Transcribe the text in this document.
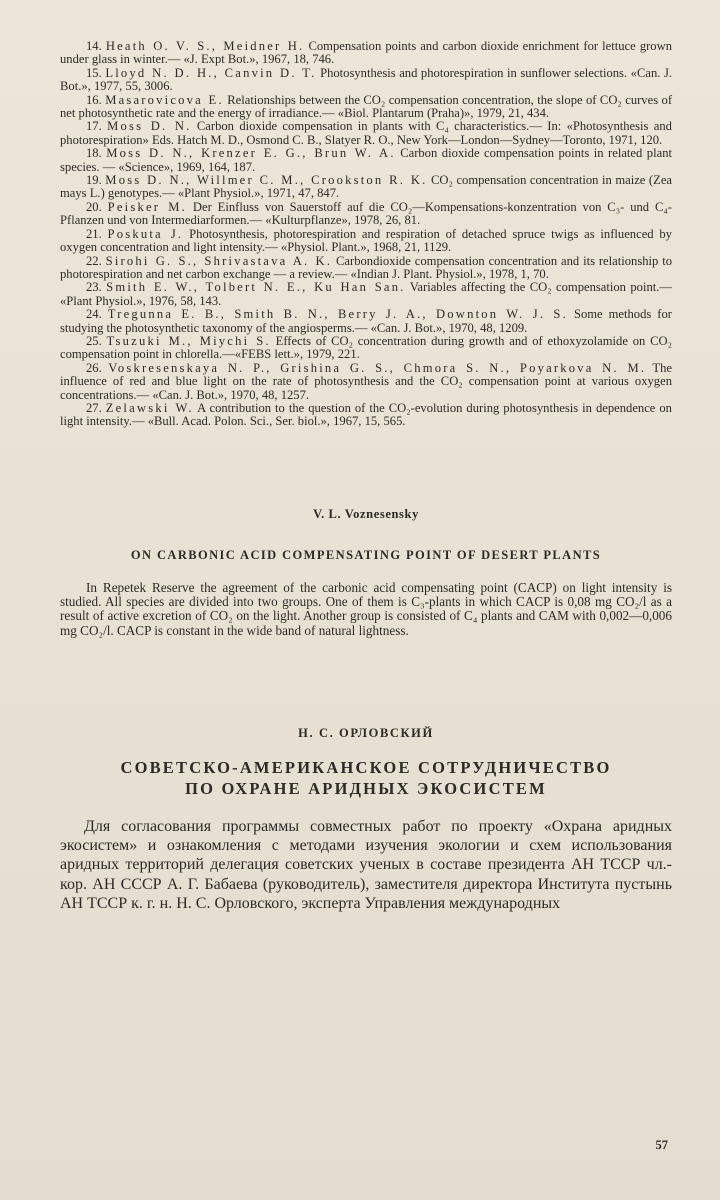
14. Heath O. V. S., Meidner H. Compensation points and carbon dioxide enrichment for lettuce grown under glass in winter.— «J. Expt Bot.», 1967, 18, 746.

15. Lloyd N. D. H., Canvin D. T. Photosynthesis and photorespiration in sunflower selections. «Can. J. Bot.», 1977, 55, 3006.

16. Masarovicova E. Relationships between the CO₂ compensation concentration, the slope of CO₂ curves of net photosynthetic rate and the energy of irradiance.— «Biol. Plantarum (Praha)», 1979, 21, 434.

17. Moss D. N. Carbon dioxide compensation in plants with C₄ characteristics.— In: «Photosynthesis and photorespiration» Eds. Hatch M. D., Osmond C. B., Slatyer R. O., New York—London—Sydney—Toronto, 1971, 120.

18. Moss D. N., Krenzer E. G., Brun W. A. Carbon dioxide compensation points in related plant species. — «Science», 1969, 164, 187.

19. Moss D. N., Willmer C. M., Crookston R. K. CO₂ compensation concentration in maize (Zea mays L.) genotypes.— «Plant Physiol.», 1971, 47, 847.

20. Peisker M. Der Einfluss von Sauerstoff auf die CO₂—Kompensations-konzentration von C₃- und C₄-Pflanzen und von Intermediarformen.— «Kulturpflanze», 1978, 26, 81.

21. Poskuta J. Photosynthesis, photorespiration and respiration of detached spruce twigs as influenced by oxygen concentration and light intensity.— «Physiol. Plant.», 1968, 21, 1129.

22. Sirohi G. S., Shrivastava A. K. Carbondioxide compensation concentration and its relationship to photorespiration and net carbon exchange — a review.— «Indian J. Plant. Physiol.», 1978, 1, 70.

23. Smith E. W., Tolbert N. E., Ku Han San. Variables affecting the CO₂ compensation point.— «Plant Physiol.», 1976, 58, 143.

24. Tregunna E. B., Smith B. N., Berry J. A., Downton W. J. S. Some methods for studying the photosynthetic taxonomy of the angiosperms.— «Can. J. Bot.», 1970, 48, 1209.

25. Tsuzuki M., Miychi S. Effects of CO₂ concentration during growth and of ethoxyzolamide on CO₂ compensation point in chlorella.—«FEBS lett.», 1979, 221.

26. Voskresenskaya N. P., Grishina G. S., Chmora S. N., Poyarkova N. M. The influence of red and blue light on the rate of photosynthesis and the CO₂ compensation point at various oxygen concentrations.— «Can. J. Bot.», 1970, 48, 1257.

27. Zelawski W. A contribution to the question of the CO₂-evolution during photosynthesis in dependence on light intensity.— «Bull. Acad. Polon. Sci., Ser. biol.», 1967, 15, 565.

V. L. Voznesensky
ON CARBONIC ACID COMPENSATING POINT OF DESERT PLANTS

In Repetek Reserve the agreement of the carbonic acid compensating point (CACP) on light intensity is studied. All species are divided into two groups. One of them is C₃-plants in which CACP is 0,08 mg CO₂/l as a result of active excretion of CO₂ on the light. Another group is consisted of C₄ plants and CAM with 0,002—0,006 mg CO₂/l. CACP is constant in the wide band of natural lightness.

Н. С. ОРЛОВСКИЙ
СОВЕТСКО-АМЕРИКАНСКОЕ СОТРУДНИЧЕСТВО
ПО ОХРАНЕ АРИДНЫХ ЭКОСИСТЕМ

Для согласования программы совместных работ по проекту «Охрана аридных экосистем» и ознакомления с методами изучения экологии и схем использования аридных территорий делегация советских ученых в составе президента АН ТССР чл.-кор. АН СССР А. Г. Бабаева (руководитель), заместителя директора Института пустынь АН ТССР к. г. н. Н. С. Орловского, эксперта Управления международных

57
